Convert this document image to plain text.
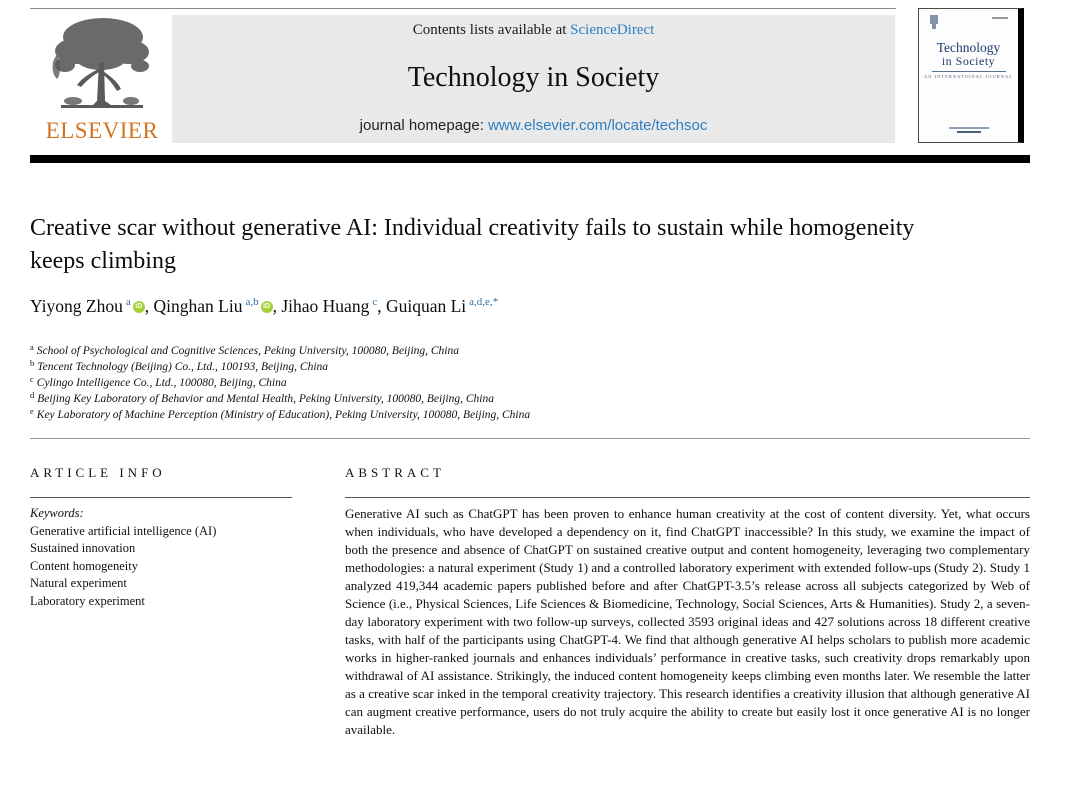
ELSEVIER
Contents lists available at ScienceDirect
Technology in Society
journal homepage: www.elsevier.com/locate/techsoc
Technology
in Society
AN INTERNATIONAL JOURNAL
Creative scar without generative AI: Individual creativity fails to sustain while homogeneity keeps climbing
Yiyong Zhou $^a$ iD , Qinghan Liu $^{a,b}$ iD , Jihao Huang $^c$, Guiquan Li $^{a,d,e,*}$
$^a$ School of Psychological and Cognitive Sciences, Peking University, 100080, Beijing, China
$^b$ Tencent Technology (Beijing) Co., Ltd., 100193, Beijing, China
$^c$ Cylingo Intelligence Co., Ltd., 100080, Beijing, China
$^d$ Beijing Key Laboratory of Behavior and Mental Health, Peking University, 100080, Beijing, China
$^e$ Key Laboratory of Machine Perception (Ministry of Education), Peking University, 100080, Beijing, China
ARTICLE INFO
Keywords:
Generative artificial intelligence (AI)
Sustained innovation
Content homogeneity
Natural experiment
Laboratory experiment
ABSTRACT
Generative AI such as ChatGPT has been proven to enhance human creativity at the cost of content diversity. Yet, what occurs when individuals, who have developed a dependency on it, find ChatGPT inaccessible? In this study, we examine the impact of both the presence and absence of ChatGPT on sustained creative output and content homogeneity, leveraging two complementary methodologies: a natural experiment (Study 1) and a controlled laboratory experiment with extended follow-ups (Study 2). Study 1 analyzed 419,344 academic papers published before and after ChatGPT-3.5’s release across all subjects categorized by Web of Science (i.e., Physical Sciences, Life Sciences & Biomedicine, Technology, Social Sciences, Arts & Humanities). Study 2, a seven-day laboratory experiment with two follow-up surveys, collected 3593 original ideas and 427 solutions across 18 different creative tasks, with half of the participants using ChatGPT-4. We find that although generative AI helps scholars to publish more academic works in higher-ranked journals and enhances individuals’ performance in creative tasks, such creativity drops remarkably upon withdrawal of AI assistance. Strikingly, the induced content homogeneity keeps climbing even months later. We resemble the latter as a creative scar inked in the temporal creativity trajectory. This research identifies a creativity illusion that although generative AI can augment creative performance, users do not truly acquire the ability to create but easily lost it once generative AI is no longer available.
